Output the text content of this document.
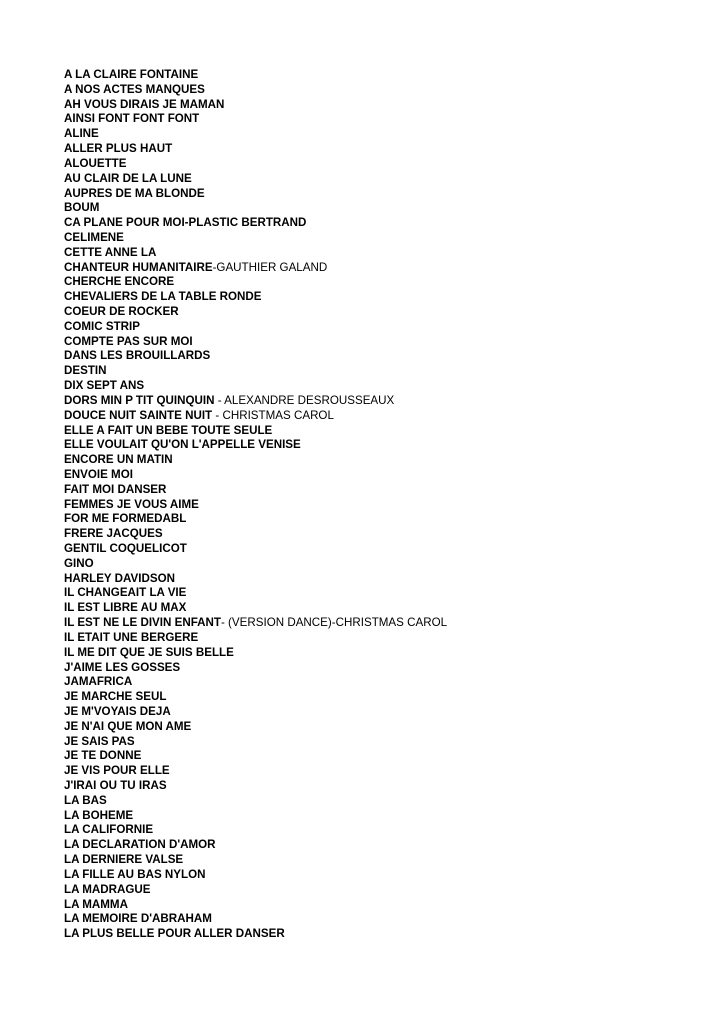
A LA CLAIRE FONTAINE
A NOS ACTES MANQUES
AH VOUS DIRAIS JE MAMAN
AINSI FONT FONT FONT
ALINE
ALLER PLUS HAUT
ALOUETTE
AU CLAIR DE LA LUNE
AUPRES DE MA BLONDE
BOUM
CA PLANE POUR MOI-PLASTIC BERTRAND
CELIMENE
CETTE ANNE LA
CHANTEUR HUMANITAIRE-GAUTHIER GALAND
CHERCHE ENCORE
CHEVALIERS DE LA TABLE RONDE
COEUR DE ROCKER
COMIC STRIP
COMPTE PAS SUR MOI
DANS LES BROUILLARDS
DESTIN
DIX SEPT ANS
DORS MIN P TIT QUINQUIN - ALEXANDRE DESROUSSEAUX
DOUCE NUIT SAINTE NUIT - CHRISTMAS CAROL
ELLE A FAIT UN BEBE TOUTE SEULE
ELLE VOULAIT QU'ON L'APPELLE VENISE
ENCORE UN MATIN
ENVOIE MOI
FAIT MOI DANSER
FEMMES JE VOUS AIME
FOR ME FORMEDABL
FRERE JACQUES
GENTIL COQUELICOT
GINO
HARLEY DAVIDSON
IL CHANGEAIT LA VIE
IL EST LIBRE AU MAX
IL EST NE LE DIVIN ENFANT- (VERSION DANCE)-CHRISTMAS CAROL
IL ETAIT UNE BERGERE
IL ME DIT QUE JE SUIS BELLE
J'AIME LES GOSSES
JAMAFRICA
JE MARCHE SEUL
JE M'VOYAIS DEJA
JE N'AI QUE MON AME
JE SAIS PAS
JE TE DONNE
JE VIS POUR ELLE
J'IRAI OU TU IRAS
LA BAS
LA BOHEME
LA CALIFORNIE
LA DECLARATION D'AMOR
LA DERNIERE VALSE
LA FILLE AU BAS NYLON
LA MADRAGUE
LA MAMMA
LA MEMOIRE D'ABRAHAM
LA PLUS BELLE POUR ALLER DANSER
